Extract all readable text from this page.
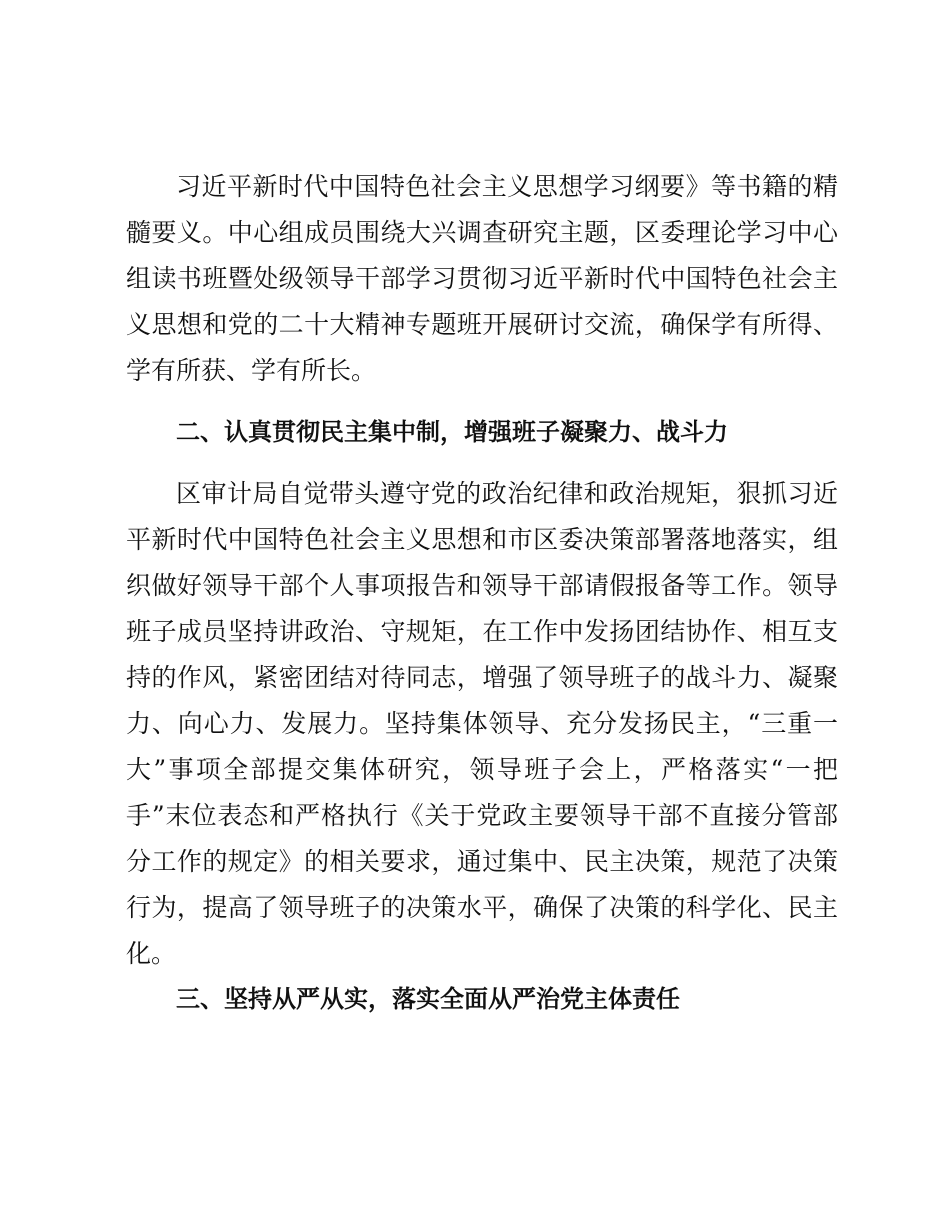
习近平新时代中国特色社会主义思想学习纲要》等书籍的精
髓要义。中心组成员围绕大兴调查研究主题，区委理论学习中心
组读书班暨处级领导干部学习贯彻习近平新时代中国特色社会主
义思想和党的二十大精神专题班开展研讨交流，确保学有所得、
学有所获、学有所长。
二、认真贯彻民主集中制，增强班子凝聚力、战斗力
区审计局自觉带头遵守党的政治纪律和政治规矩，狠抓习近
平新时代中国特色社会主义思想和市区委决策部署落地落实，组
织做好领导干部个人事项报告和领导干部请假报备等工作。领导
班子成员坚持讲政治、守规矩，在工作中发扬团结协作、相互支
持的作风，紧密团结对待同志，增强了领导班子的战斗力、凝聚
力、向心力、发展力。坚持集体领导、充分发扬民主，“三重一
大”事项全部提交集体研究，领导班子会上，严格落实“一把
手”末位表态和严格执行《关于党政主要领导干部不直接分管部
分工作的规定》的相关要求，通过集中、民主决策，规范了决策
行为，提高了领导班子的决策水平，确保了决策的科学化、民主
化。
三、坚持从严从实，落实全面从严治党主体责任
